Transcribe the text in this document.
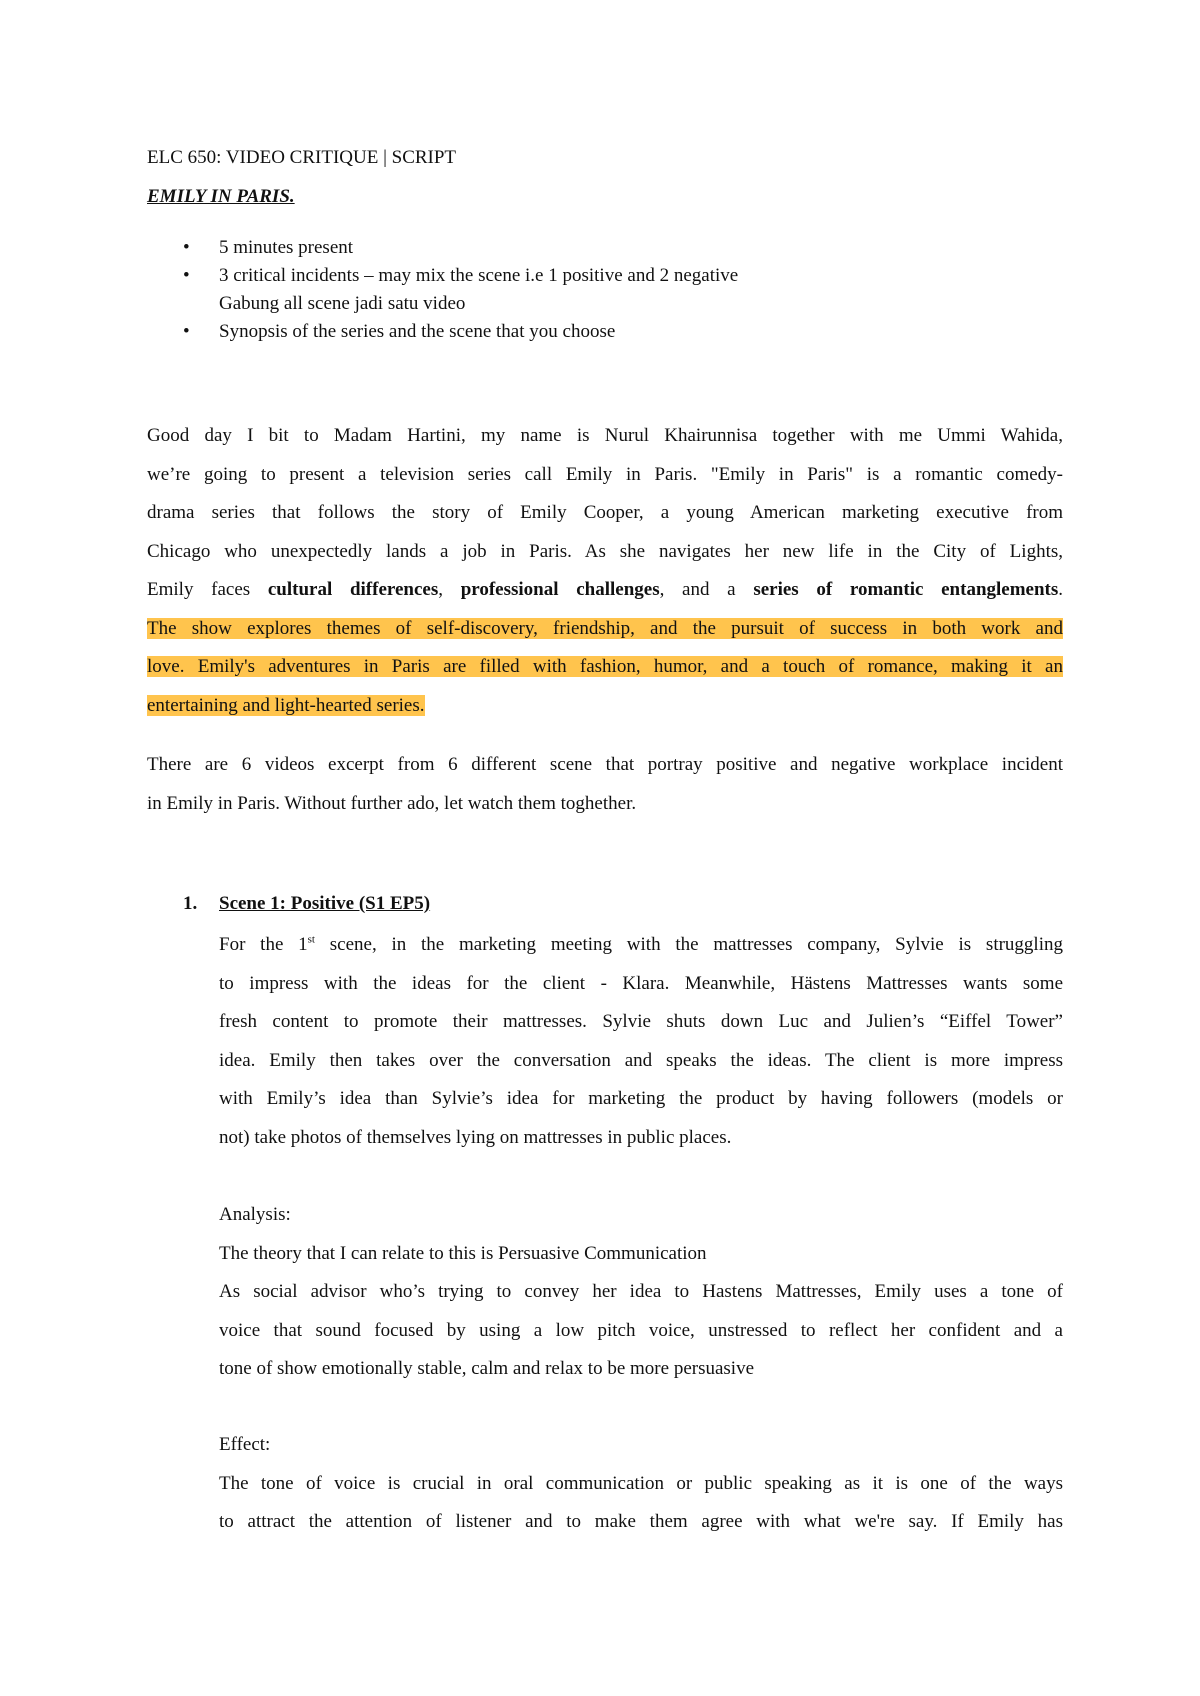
ELC 650: VIDEO CRITIQUE | SCRIPT
EMILY IN PARIS.
• 5 minutes present
• 3 critical incidents – may mix the scene i.e 1 positive and 2 negative
Gabung all scene jadi satu video
• Synopsis of the series and the scene that you choose
Good day I bit to Madam Hartini, my name is Nurul Khairunnisa together with me Ummi Wahida,
we’re going to present a television series call Emily in Paris. "Emily in Paris" is a romantic comedy-
drama series that follows the story of Emily Cooper, a young American marketing executive from
Chicago who unexpectedly lands a job in Paris. As she navigates her new life in the City of Lights,
Emily faces cultural differences, professional challenges, and a series of romantic entanglements.
The show explores themes of self-discovery, friendship, and the pursuit of success in both work and
love. Emily's adventures in Paris are filled with fashion, humor, and a touch of romance, making it an
entertaining and light-hearted series.
There are 6 videos excerpt from 6 different scene that portray positive and negative workplace incident
in Emily in Paris. Without further ado, let watch them toghether.
1. Scene 1: Positive (S1 EP5)
For the 1st scene, in the marketing meeting with the mattresses company, Sylvie is struggling
to impress with the ideas for the client - Klara. Meanwhile, Hästens Mattresses wants some
fresh content to promote their mattresses. Sylvie shuts down Luc and Julien’s “Eiffel Tower”
idea. Emily then takes over the conversation and speaks the ideas. The client is more impress
with Emily’s idea than Sylvie’s idea for marketing the product by having followers (models or
not) take photos of themselves lying on mattresses in public places.
Analysis:
The theory that I can relate to this is Persuasive Communication
As social advisor who’s trying to convey her idea to Hastens Mattresses, Emily uses a tone of
voice that sound focused by using a low pitch voice, unstressed to reflect her confident and a
tone of show emotionally stable, calm and relax to be more persuasive
Effect:
The tone of voice is crucial in oral communication or public speaking as it is one of the ways
to attract the attention of listener and to make them agree with what we're say. If Emily has
